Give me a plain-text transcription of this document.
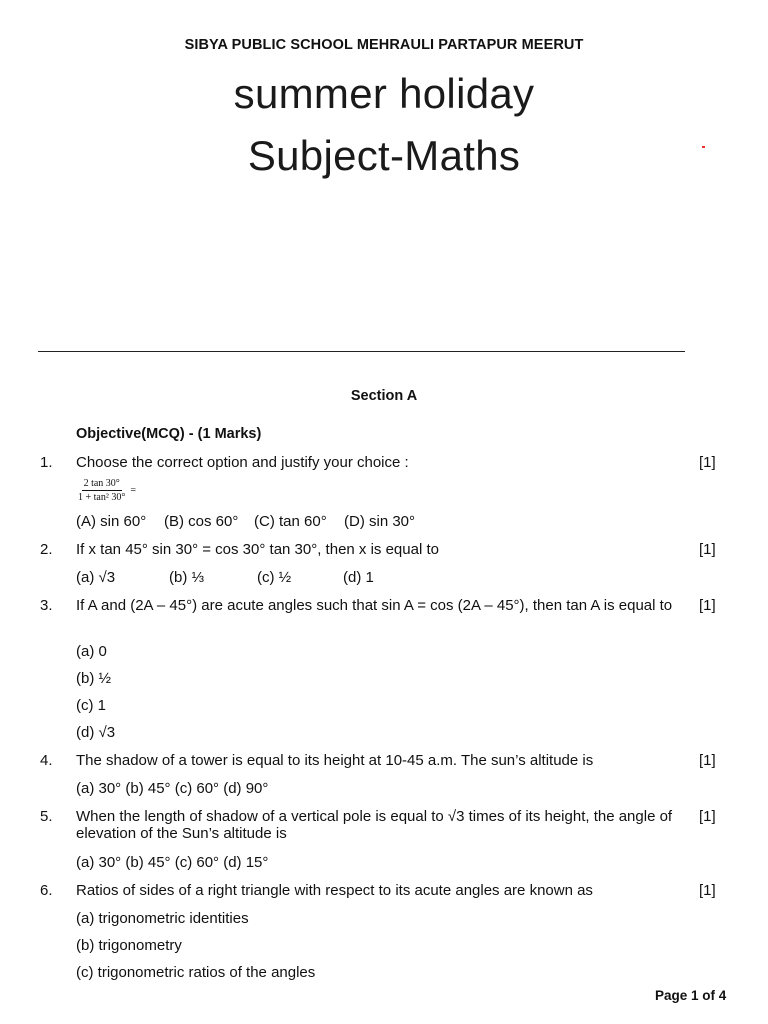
SIBYA PUBLIC SCHOOL MEHRAULI PARTAPUR MEERUT
summer holiday
Subject-Maths
Section A
Objective(MCQ) - (1 Marks)
1. Choose the correct option and justify your choice :	[1]
$\frac{2 \tan 30^\circ}{\text{1 + tan² 30°}}$ =
(A) sin 60° (B) cos 60° (C) tan 60° (D) sin 30°
2. If x tan 45° sin 30° = cos 30° tan 30°, then x is equal to	[1]
(a) √3	(b) ⅓	(c) ½	(d) 1
3. If A and (2A – 45°) are acute angles such that sin A = cos (2A – 45°), then tan A is equal to	[1]
(a) 0
(b) ½
(c) 1
(d) √3
4. The shadow of a tower is equal to its height at 10-45 a.m. The sun’s altitude is	[1]
(a) 30° (b) 45° (c) 60° (d) 90°
5. When the length of shadow of a vertical pole is equal to √3 times of its height, the angle of elevation of the Sun’s altitude is
[1]
(a) 30° (b) 45° (c) 60° (d) 15°
6. Ratios of sides of a right triangle with respect to its acute angles are known as	[1]
(a) trigonometric identities
(b) trigonometry
(c) trigonometric ratios of the angles
Page 1 of 4
